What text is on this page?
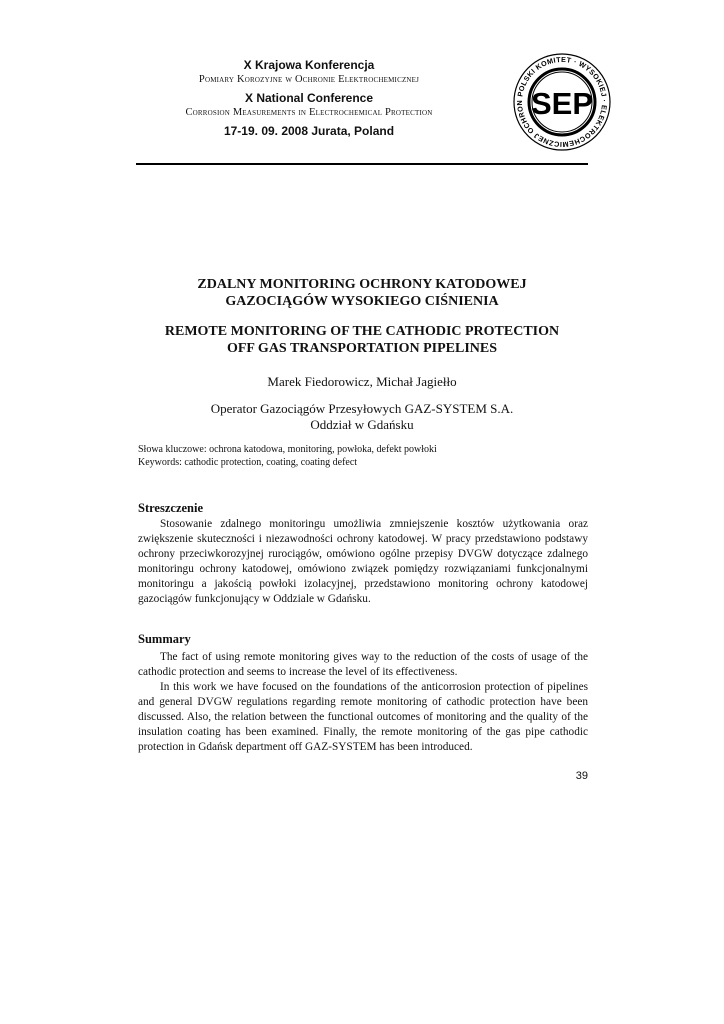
X Krajowa Konferencja
Pomiary Korozyjne w Ochronie Elektrochemicznej
X National Conference
Corrosion Measurements in Electrochemical Protection
17-19. 09. 2008 Jurata, Poland
POLSKI KOMITET · WYSOKIEJ · ELEKTROCHEMICZNEJ OCHRON SEP
ZDALNY MONITORING OCHRONY KATODOWEJ
GAZOCIĄGÓW WYSOKIEGO CIŚNIENIA
REMOTE MONITORING OF THE CATHODIC PROTECTION
OFF GAS TRANSPORTATION PIPELINES
Marek Fiedorowicz, Michał Jagiełło
Operator Gazociągów Przesyłowych GAZ-SYSTEM S.A.
Oddział w Gdańsku
Słowa kluczowe: ochrona katodowa, monitoring, powłoka, defekt powłoki
Keywords: cathodic protection, coating, coating defect
Streszczenie

Stosowanie zdalnego monitoringu umożliwia zmniejszenie kosztów użytkowania oraz zwiększenie skuteczności i niezawodności ochrony katodowej. W pracy przedstawiono podstawy ochrony przeciwkorozyjnej rurociągów, omówiono ogólne przepisy DVGW dotyczące zdalnego monitoringu ochrony katodowej, omówiono związek pomiędzy rozwiązaniami funkcjonalnymi monitoringu a jakością powłoki izolacyjnej, przedstawiono monitoring ochrony katodowej gazociągów funkcjonujący w Oddziale w Gdańsku.

Summary

The fact of using remote monitoring gives way to the reduction of the costs of usage of the cathodic protection and seems to increase the level of its effectiveness.

In this work we have focused on the foundations of the anticorrosion protection of pipelines and general DVGW regulations regarding remote monitoring of cathodic protection have been discussed. Also, the relation between the functional outcomes of monitoring and the quality of the insulation coating has been examined. Finally, the remote monitoring of the gas pipe cathodic protection in Gdańsk department off GAZ-SYSTEM has been introduced.

39
